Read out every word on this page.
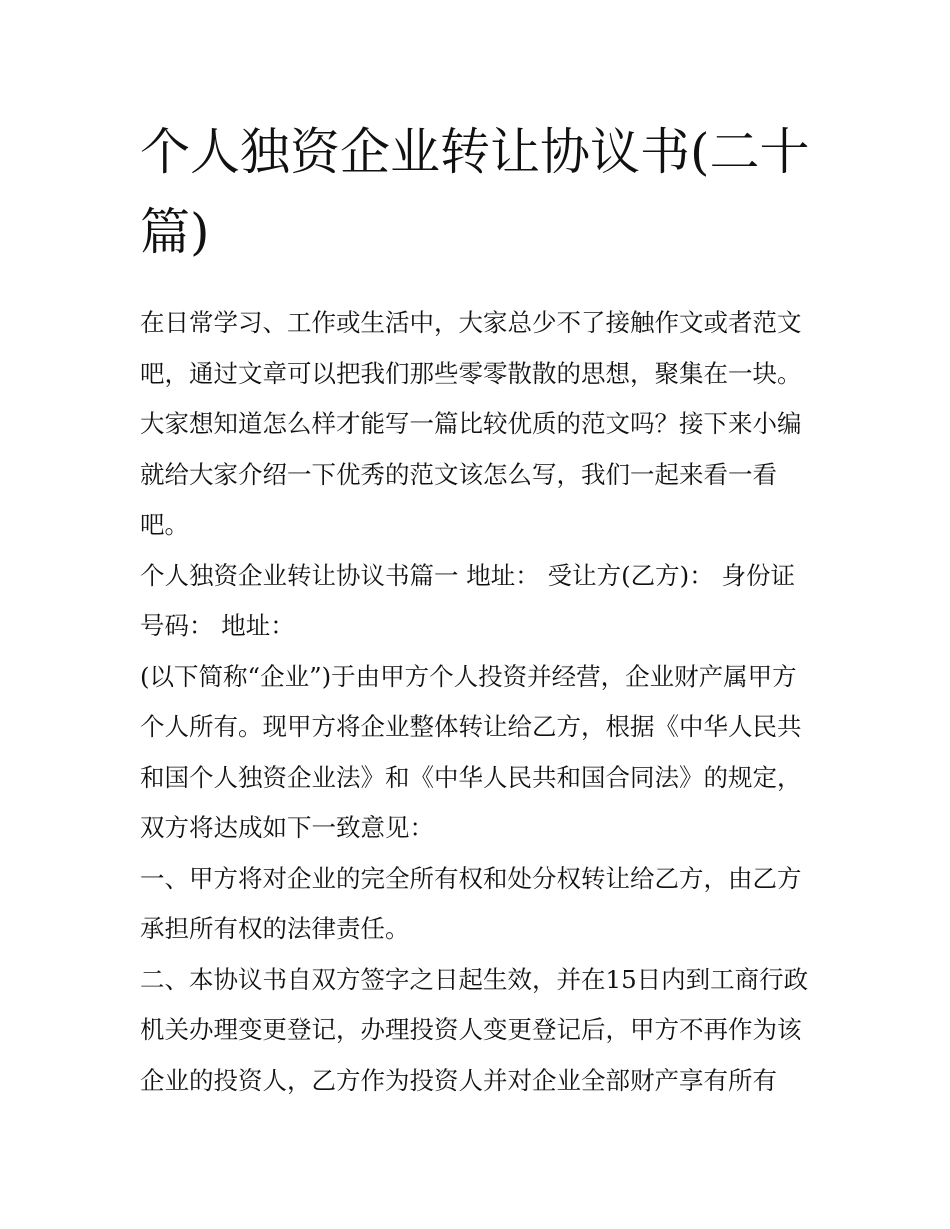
个人独资企业转让协议书(二十篇)

在日常学习、工作或生活中，大家总少不了接触作文或者范文吧，通过文章可以把我们那些零零散散的思想，聚集在一块。大家想知道怎么样才能写一篇比较优质的范文吗？接下来小编就给大家介绍一下优秀的范文该怎么写，我们一起来看一看吧。

个人独资企业转让协议书篇一 地址： 受让方(乙方)： 身份证号码： 地址：

(以下简称“企业”)于由甲方个人投资并经营，企业财产属甲方个人所有。现甲方将企业整体转让给乙方，根据《中华人民共和国个人独资企业法》和《中华人民共和国合同法》的规定，双方将达成如下一致意见：

一、甲方将对企业的完全所有权和处分权转让给乙方，由乙方承担所有权的法律责任。

二、本协议书自双方签字之日起生效，并在15日内到工商行政机关办理变更登记，办理投资人变更登记后，甲方不再作为该企业的投资人，乙方作为投资人并对企业全部财产享有所有
